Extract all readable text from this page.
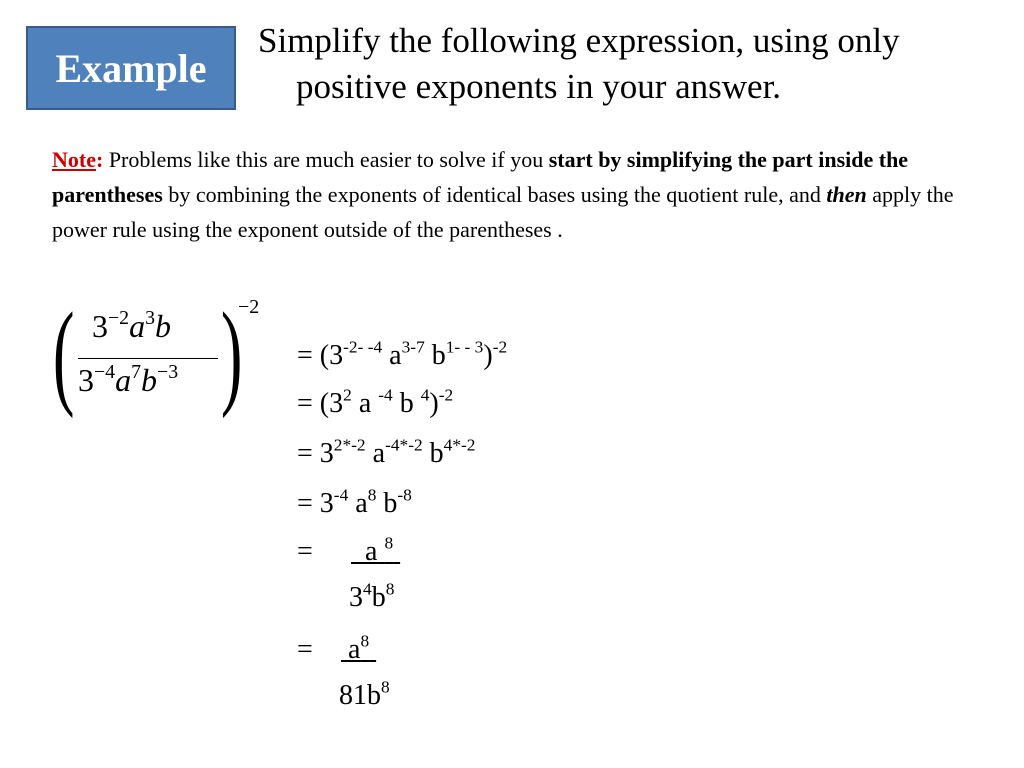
Example
Simplify the following expression, using only
positive exponents in your answer.
Note: Problems like this are much easier to solve if you start by simplifying the part inside the parentheses by combining the exponents of identical bases using the quotient rule, and then apply the power rule using the exponent outside of the parentheses .
( )
−2
$3^{-2}a^3b$
$3^{-4}a^7b^{-3}$
= ($3^{-2- -4}$ $a^{3-7}$ $b^{1- - 3})^{-2}$
= ($3^2$ a $^{-4}$ b $^4$)$^{-2}$
= $3^{2*-2}$ $a^{-4*-2}$ $b^{4*-2}$
= $3^{-4}$ $a^8$ $b^{-8}$
=	a $^8$
$3^4b^8$
= $a^8$
$81b^8$
